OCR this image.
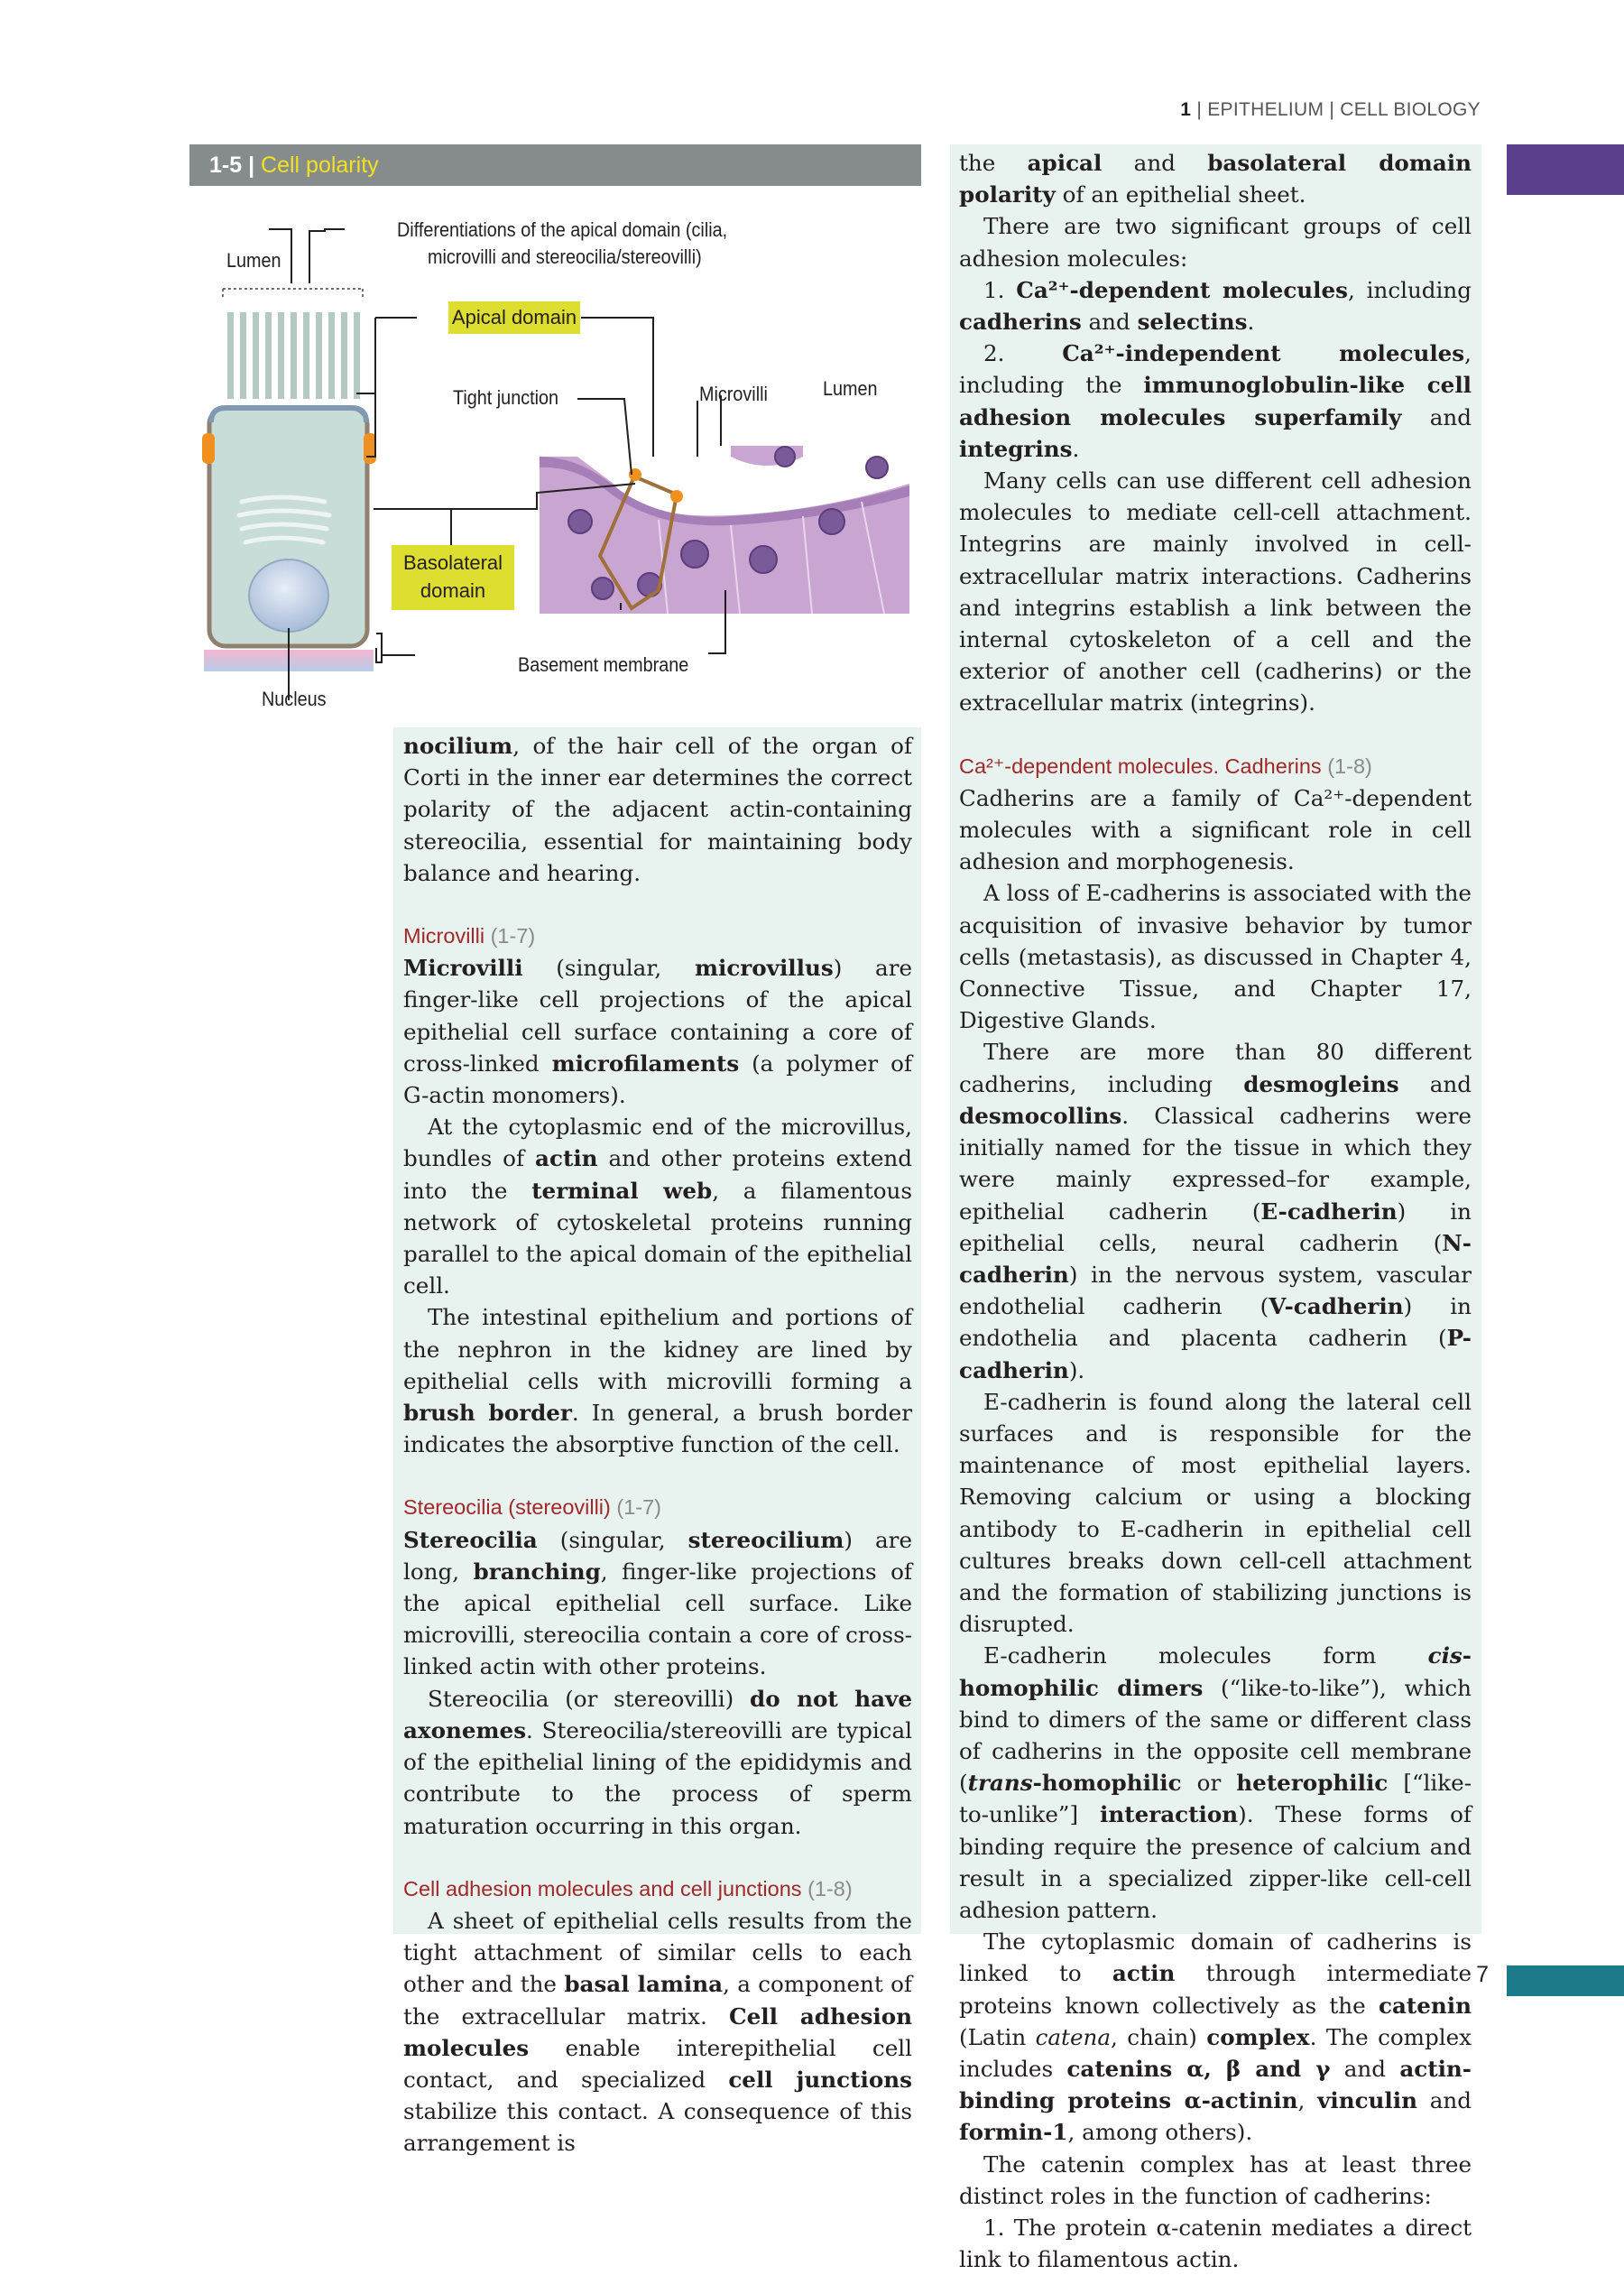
1 | EPITHELIUM | CELL BIOLOGY
1-5 | Cell polarity
Lumen
Differentiations of the apical domain (cilia,
microvilli and stereocilia/stereovilli)
Apical domain
Tight junction	Microvilli	Lumen
Basolateral
domain
Basement membrane
Nucleus

nocilium, of the hair cell of the organ of Corti in the inner ear determines the correct polarity of the adjacent actin-containing stereocilia, essential for maintaining body balance and hearing.

Microvilli (1-7)

Microvilli (singular, microvillus) are finger-like cell projections of the apical epithelial cell surface containing a core of cross-linked microfilaments (a polymer of G-actin monomers).

At the cytoplasmic end of the microvillus, bundles of actin and other proteins extend into the terminal web, a filamentous network of cytoskeletal proteins running parallel to the apical domain of the epithelial cell.

The intestinal epithelium and portions of the nephron in the kidney are lined by epithelial cells with microvilli forming a brush border. In general, a brush border indicates the absorptive function of the cell.

Stereocilia (stereovilli) (1-7)

Stereocilia (singular, stereocilium) are long, branching, finger-like projections of the apical epithelial cell surface. Like microvilli, stereocilia contain a core of cross-linked actin with other proteins.

Stereocilia (or stereovilli) do not have axonemes. Stereocilia/stereovilli are typical of the epithelial lining of the epididymis and contribute to the process of sperm maturation occurring in this organ.

Cell adhesion molecules and cell junctions (1-8)

A sheet of epithelial cells results from the tight attachment of similar cells to each other and the basal lamina, a component of the extracellular matrix. Cell adhesion molecules enable interepithelial cell contact, and specialized cell junctions stabilize this contact. A consequence of this arrangement is

the apical and basolateral domain polarity of an epithelial sheet.

There are two significant groups of cell adhesion molecules:

1. Ca²⁺-dependent molecules, including cadherins and selectins.

2. Ca²⁺-independent molecules, including the immunoglobulin-like cell adhesion molecules superfamily and integrins.

Many cells can use different cell adhesion molecules to mediate cell-cell attachment. Integrins are mainly involved in cell-extracellular matrix interactions. Cadherins and integrins establish a link between the internal cytoskeleton of a cell and the exterior of another cell (cadherins) or the extracellular matrix (integrins).

Ca²⁺-dependent molecules. Cadherins (1-8)

Cadherins are a family of Ca²⁺-dependent molecules with a significant role in cell adhesion and morphogenesis.

A loss of E-cadherins is associated with the acquisition of invasive behavior by tumor cells (metastasis), as discussed in Chapter 4, Connective Tissue, and Chapter 17, Digestive Glands.

There are more than 80 different cadherins, including desmogleins and desmocollins. Classical cadherins were initially named for the tissue in which they were mainly expressed–for example, epithelial cadherin (E-cadherin) in epithelial cells, neural cadherin (N-cadherin) in the nervous system, vascular endothelial cadherin (V-cadherin) in endothelia and placenta cadherin (P-cadherin).

E-cadherin is found along the lateral cell surfaces and is responsible for the maintenance of most epithelial layers. Removing calcium or using a blocking antibody to E-cadherin in epithelial cell cultures breaks down cell-cell attachment and the formation of stabilizing junctions is disrupted.

E-cadherin molecules form cis-homophilic dimers (“like-to-like”), which bind to dimers of the same or different class of cadherins in the opposite cell membrane (trans-homophilic or heterophilic [“like-to-unlike”] interaction). These forms of binding require the presence of calcium and result in a specialized zipper-like cell-cell adhesion pattern.

The cytoplasmic domain of cadherins is linked to actin through intermediate proteins known collectively as the catenin (Latin catena, chain) complex. The complex includes catenins α, β and γ and actin-binding proteins α-actinin, vinculin and formin-1, among others).

The catenin complex has at least three distinct roles in the function of cadherins:

1. The protein α-catenin mediates a direct link to filamentous actin.

7
